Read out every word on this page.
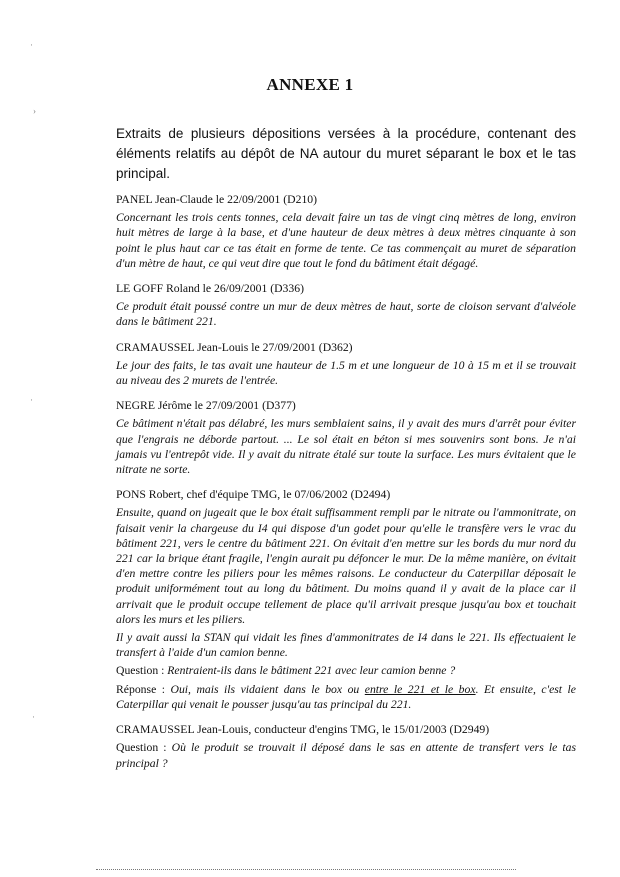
ANNEXE 1
Extraits de plusieurs dépositions versées à la procédure, contenant des éléments relatifs au dépôt de NA autour du muret séparant le box et le tas principal.

PANEL Jean-Claude le 22/09/2001 (D210)

Concernant les trois cents tonnes, cela devait faire un tas de vingt cinq mètres de long, environ huit mètres de large à la base, et d'une hauteur de deux mètres à deux mètres cinquante à son point le plus haut car ce tas était en forme de tente. Ce tas commençait au muret de séparation d'un mètre de haut, ce qui veut dire que tout le fond du bâtiment était dégagé.

LE GOFF Roland le 26/09/2001 (D336)

Ce produit était poussé contre un mur de deux mètres de haut, sorte de cloison servant d'alvéole dans le bâtiment 221.

CRAMAUSSEL Jean-Louis le 27/09/2001 (D362)

Le jour des faits, le tas avait une hauteur de 1.5 m et une longueur de 10 à 15 m et il se trouvait au niveau des 2 murets de l'entrée.

NEGRE Jérôme le 27/09/2001 (D377)

Ce bâtiment n'était pas délabré, les murs semblaient sains, il y avait des murs d'arrêt pour éviter que l'engrais ne déborde partout. ... Le sol était en béton si mes souvenirs sont bons. Je n'ai jamais vu l'entrepôt vide. Il y avait du nitrate étalé sur toute la surface. Les murs évitaient que le nitrate ne sorte.

PONS Robert, chef d'équipe TMG, le 07/06/2002 (D2494)

Ensuite, quand on jugeait que le box était suffisamment rempli par le nitrate ou l'ammonitrate, on faisait venir la chargeuse du I4 qui dispose d'un godet pour qu'elle le transfère vers le vrac du bâtiment 221, vers le centre du bâtiment 221. On évitait d'en mettre sur les bords du mur nord du 221 car la brique étant fragile, l'engin aurait pu défoncer le mur. De la même manière, on évitait d'en mettre contre les piliers pour les mêmes raisons. Le conducteur du Caterpillar déposait le produit uniformément tout au long du bâtiment. Du moins quand il y avait de la place car il arrivait que le produit occupe tellement de place qu'il arrivait presque jusqu'au box et touchait alors les murs et les piliers.

Il y avait aussi la STAN qui vidait les fines d'ammonitrates de I4 dans le 221. Ils effectuaient le transfert à l'aide d'un camion benne.

Question : Rentraient-ils dans le bâtiment 221 avec leur camion benne ?

Réponse : Oui, mais ils vidaient dans le box ou entre le 221 et le box. Et ensuite, c'est le Caterpillar qui venait le pousser jusqu'au tas principal du 221.

CRAMAUSSEL Jean-Louis, conducteur d'engins TMG, le 15/01/2003 (D2949)

Question : Où le produit se trouvait il déposé dans le sas en attente de transfert vers le tas principal ?

·
›
·
·
